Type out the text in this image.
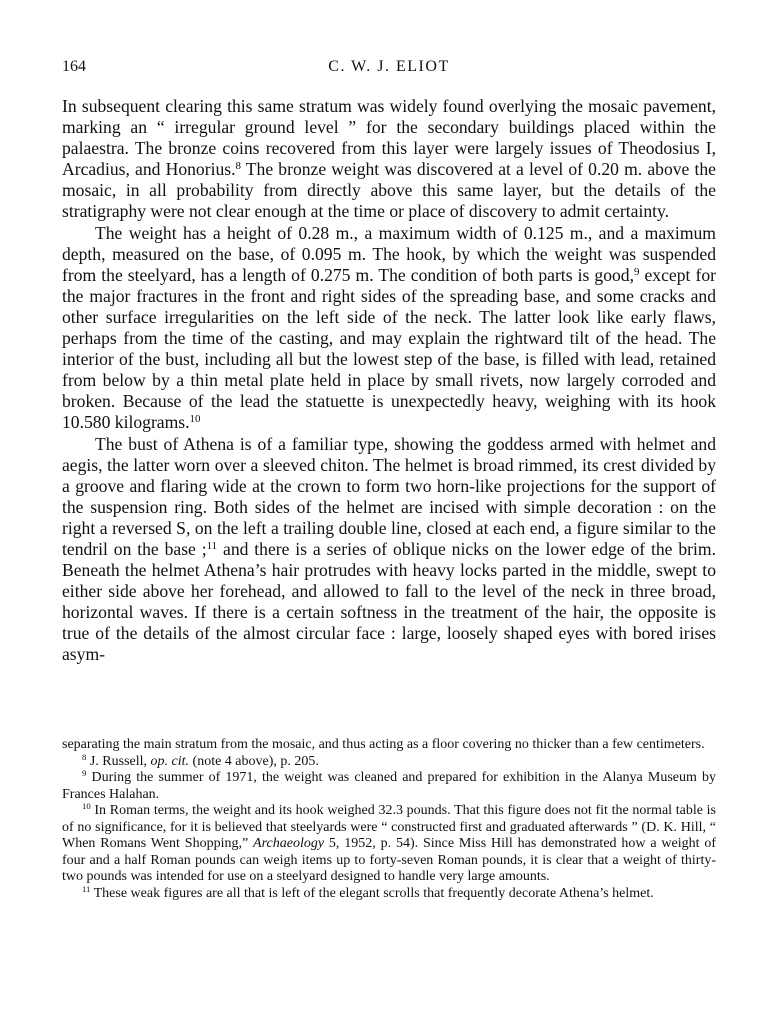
164	C. W. J. ELIOT

In subsequent clearing this same stratum was widely found overlying the mosaic pavement, marking an “ irregular ground level ” for the secondary buildings placed within the palaestra. The bronze coins recovered from this layer were largely issues of Theodosius I, Arcadius, and Honorius.$^8$ The bronze weight was discovered at a level of 0.20 m. above the mosaic, in all probability from directly above this same layer, but the details of the stratigraphy were not clear enough at the time or place of discovery to admit certainty.

The weight has a height of 0.28 m., a maximum width of 0.125 m., and a maximum depth, measured on the base, of 0.095 m. The hook, by which the weight was suspended from the steelyard, has a length of 0.275 m. The condition of both parts is good,$^9$ except for the major fractures in the front and right sides of the spreading base, and some cracks and other surface irregularities on the left side of the neck. The latter look like early flaws, perhaps from the time of the casting, and may explain the rightward tilt of the head. The interior of the bust, including all but the lowest step of the base, is filled with lead, retained from below by a thin metal plate held in place by small rivets, now largely corroded and broken. Because of the lead the statuette is unexpectedly heavy, weighing with its hook 10.580 kilograms.$^{10}$

The bust of Athena is of a familiar type, showing the goddess armed with helmet and aegis, the latter worn over a sleeved chiton. The helmet is broad rimmed, its crest divided by a groove and flaring wide at the crown to form two horn-like projections for the support of the suspension ring. Both sides of the helmet are incised with simple decoration : on the right a reversed S, on the left a trailing double line, closed at each end, a figure similar to the tendril on the base ;$^{11}$ and there is a series of oblique nicks on the lower edge of the brim. Beneath the helmet Athena’s hair protrudes with heavy locks parted in the middle, swept to either side above her forehead, and allowed to fall to the level of the neck in three broad, horizontal waves. If there is a certain softness in the treatment of the hair, the opposite is true of the details of the almost circular face : large, loosely shaped eyes with bored irises asym-

separating the main stratum from the mosaic, and thus acting as a floor covering no thicker than a few centimeters.

$^8$ J. Russell, op. cit. (note 4 above), p. 205.

$^9$ During the summer of 1971, the weight was cleaned and prepared for exhibition in the Alanya Museum by Frances Halahan.

$^{10}$ In Roman terms, the weight and its hook weighed 32.3 pounds. That this figure does not fit the normal table is of no significance, for it is believed that steelyards were “ constructed first and graduated afterwards ” (D. K. Hill, “ When Romans Went Shopping,” Archaeology 5, 1952, p. 54). Since Miss Hill has demonstrated how a weight of four and a half Roman pounds can weigh items up to forty-seven Roman pounds, it is clear that a weight of thirty-two pounds was intended for use on a steelyard designed to handle very large amounts.

$^{11}$ These weak figures are all that is left of the elegant scrolls that frequently decorate Athena’s helmet.
